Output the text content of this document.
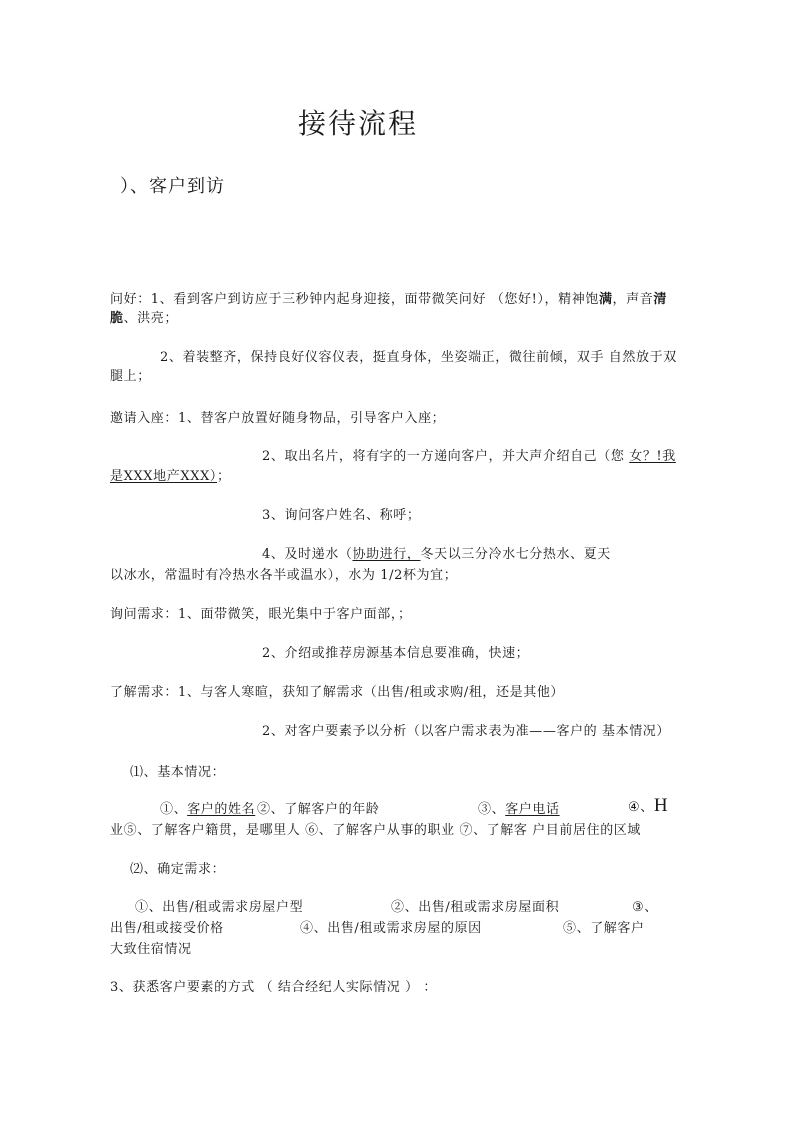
接待流程
）、客户到访
问好：1、看到客户到访应于三秒钟内起身迎接，面带微笑问好 （您好!），精神饱满，声音清
脆、洪亮；
2、着装整齐，保持良好仪容仪表，挺直身体，坐姿端正，微往前倾，双手 自然放于双
腿上；
邀请入座：1、替客户放置好随身物品，引导客户入座；
2、取出名片，将有字的一方递向客户，并大声介绍自己（您 女？!我
是XXX地产XXX）；
3、询问客户姓名、称呼；
4、及时递水（协助进行，冬天以三分冷水七分热水、夏天
以冰水，常温时有冷热水各半或温水），水为 1/2杯为宜；
询问需求：1、面带微笑，眼光集中于客户面部，；
2、介绍或推荐房源基本信息要准确，快速；
了解需求：1、与客人寒暄，获知了解需求（出售/租或求购/租，还是其他）
2、对客户要素予以分析（以客户需求表为准——客户的 基本情况）
⑴、基本情况：
①、客户的姓名 ②、了解客户的年龄	③、客户电话	④、H
业⑤、了解客户籍贯，是哪里人 ⑥、了解客户从事的职业 ⑦、了解客 户目前居住的区域
⑵、确定需求：
①、出售/租或需求房屋户型	②、出售/租或需求房屋面积	③、
出售/租或接受价格	④、出售/租或需求房屋的原因	⑤、了解客户
大致住宿情况
3、获悉客户要素的方式 （ 结合经纪人实际情况 ） ：
